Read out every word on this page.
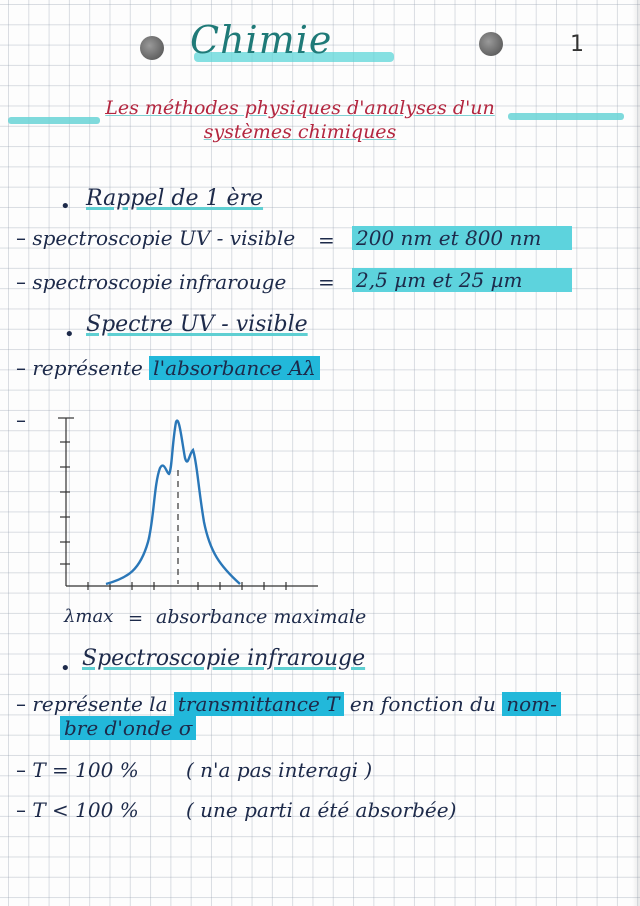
Chimie	1
Les méthodes physiques d'analyses d'un systèmes chimiques
• Rappel de 1 ère
– spectroscopie UV - visible = 200 nm et 800 nm
– spectroscopie infrarouge = 2,5 µm et 25 µm
• Spectre UV - visible
– représente l'absorbance Aλ
–
λmax = absorbance maximale
• Spectroscopie infrarouge
– représente la transmittance T en fonction du nom-
bre d'onde σ
– T = 100 % ( n'a pas interagi )
– T < 100 % ( une parti a été absorbée)
